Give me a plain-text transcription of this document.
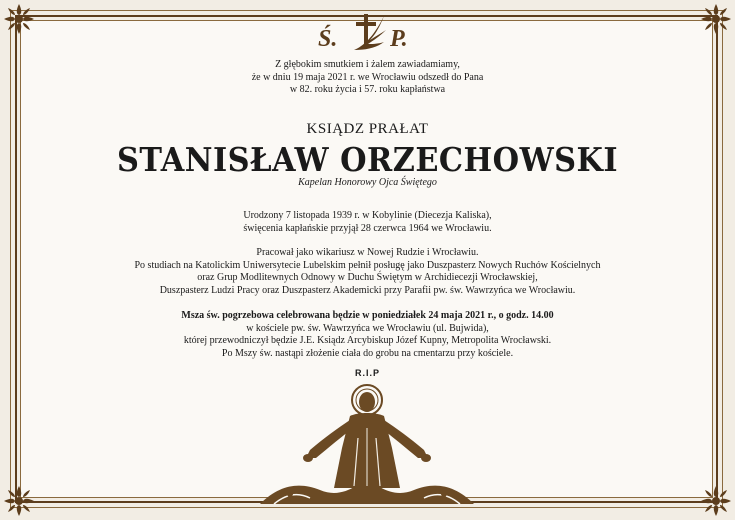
Ś. P.
Z głębokim smutkiem i żalem zawiadamiamy,
że w dniu 19 maja 2021 r. we Wrocławiu odszedł do Pana
w 82. roku życia i 57. roku kapłaństwa
KSIĄDZ PRAŁAT
STANISŁAW ORZECHOWSKI
Kapelan Honorowy Ojca Świętego
Urodzony 7 listopada 1939 r. w Kobylinie (Diecezja Kaliska),
święcenia kapłańskie przyjął 28 czerwca 1964 we Wrocławiu.
Pracował jako wikariusz w Nowej Rudzie i Wrocławiu.
Po studiach na Katolickim Uniwersytecie Lubelskim pełnił posługę jako Duszpasterz Nowych Ruchów Kościelnych
oraz Grup Modlitewnych Odnowy w Duchu Świętym w Archidiecezji Wrocławskiej,
Duszpasterz Ludzi Pracy oraz Duszpasterz Akademicki przy Parafii pw. św. Wawrzyńca we Wrocławiu.
Msza św. pogrzebowa celebrowana będzie w poniedziałek 24 maja 2021 r., o godz. 14.00
w kościele pw. św. Wawrzyńca we Wrocławiu (ul. Bujwida),
której przewodniczył będzie J.E. Ksiądz Arcybiskup Józef Kupny, Metropolita Wrocławski.
Po Mszy św. nastąpi złożenie ciała do grobu na cmentarzu przy kościele.
R.I.P
